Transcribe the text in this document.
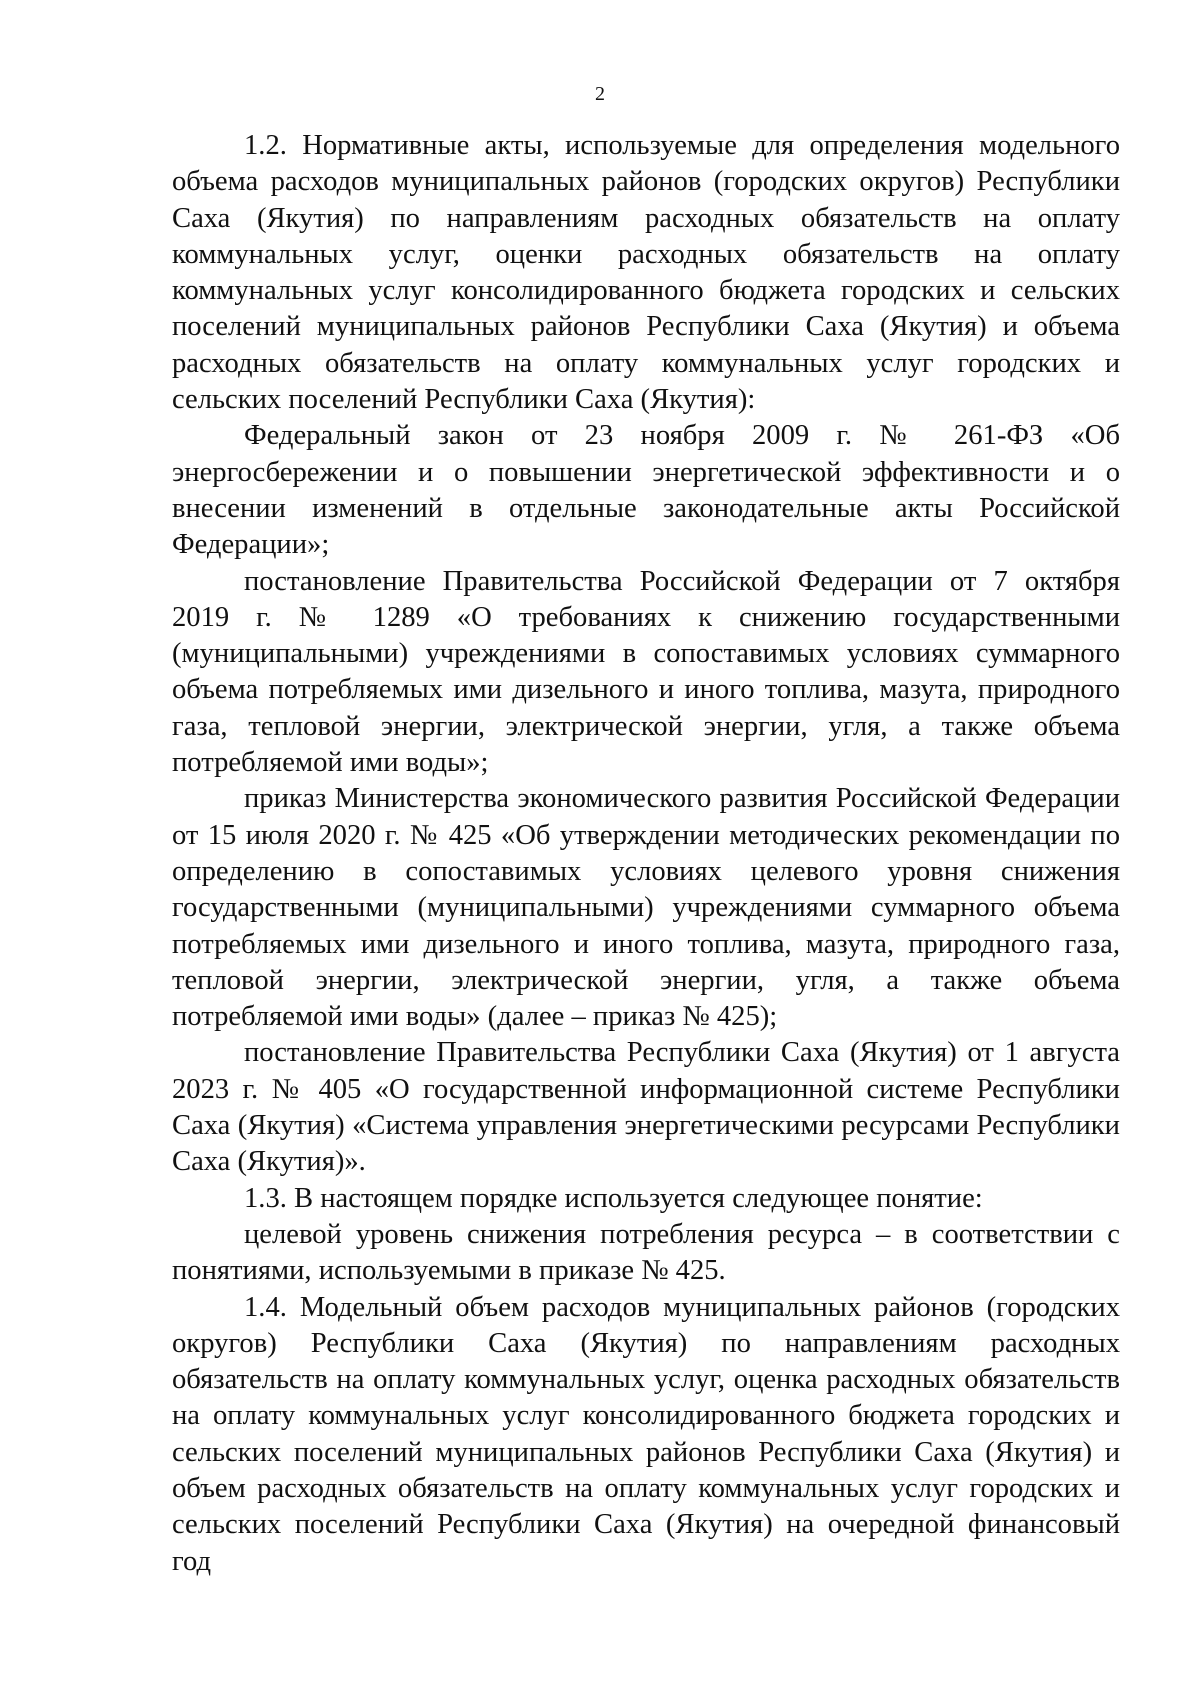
2

1.2. Нормативные акты, используемые для определения модельного объема расходов муниципальных районов (городских округов) Республики Саха (Якутия) по направлениям расходных обязательств на оплату коммунальных услуг, оценки расходных обязательств на оплату коммунальных услуг консолидированного бюджета городских и сельских поселений муниципальных районов Республики Саха (Якутия) и объема расходных обязательств на оплату коммунальных услуг городских и сельских поселений Республики Саха (Якутия):

Федеральный закон от 23 ноября 2009 г. № 261-ФЗ «Об энергосбережении и о повышении энергетической эффективности и о внесении изменений в отдельные законодательные акты Российской Федерации»;

постановление Правительства Российской Федерации от 7 октября 2019 г. № 1289 «О требованиях к снижению государственными (муниципальными) учреждениями в сопоставимых условиях суммарного объема потребляемых ими дизельного и иного топлива, мазута, природного газа, тепловой энергии, электрической энергии, угля, а также объема потребляемой ими воды»;

приказ Министерства экономического развития Российской Федерации от 15 июля 2020 г. № 425 «Об утверждении методических рекомендации по определению в сопоставимых условиях целевого уровня снижения государственными (муниципальными) учреждениями суммарного объема потребляемых ими дизельного и иного топлива, мазута, природного газа, тепловой энергии, электрической энергии, угля, а также объема потребляемой ими воды» (далее – приказ № 425);

постановление Правительства Республики Саха (Якутия) от 1 августа 2023 г. № 405 «О государственной информационной системе Республики Саха (Якутия) «Система управления энергетическими ресурсами Республики Саха (Якутия)».

1.3. В настоящем порядке используется следующее понятие:

целевой уровень снижения потребления ресурса – в соответствии с понятиями, используемыми в приказе № 425.

1.4. Модельный объем расходов муниципальных районов (городских округов) Республики Саха (Якутия) по направлениям расходных обязательств на оплату коммунальных услуг, оценка расходных обязательств на оплату коммунальных услуг консолидированного бюджета городских и сельских поселений муниципальных районов Республики Саха (Якутия) и объем расходных обязательств на оплату коммунальных услуг городских и сельских поселений Республики Саха (Якутия) на очередной финансовый год
